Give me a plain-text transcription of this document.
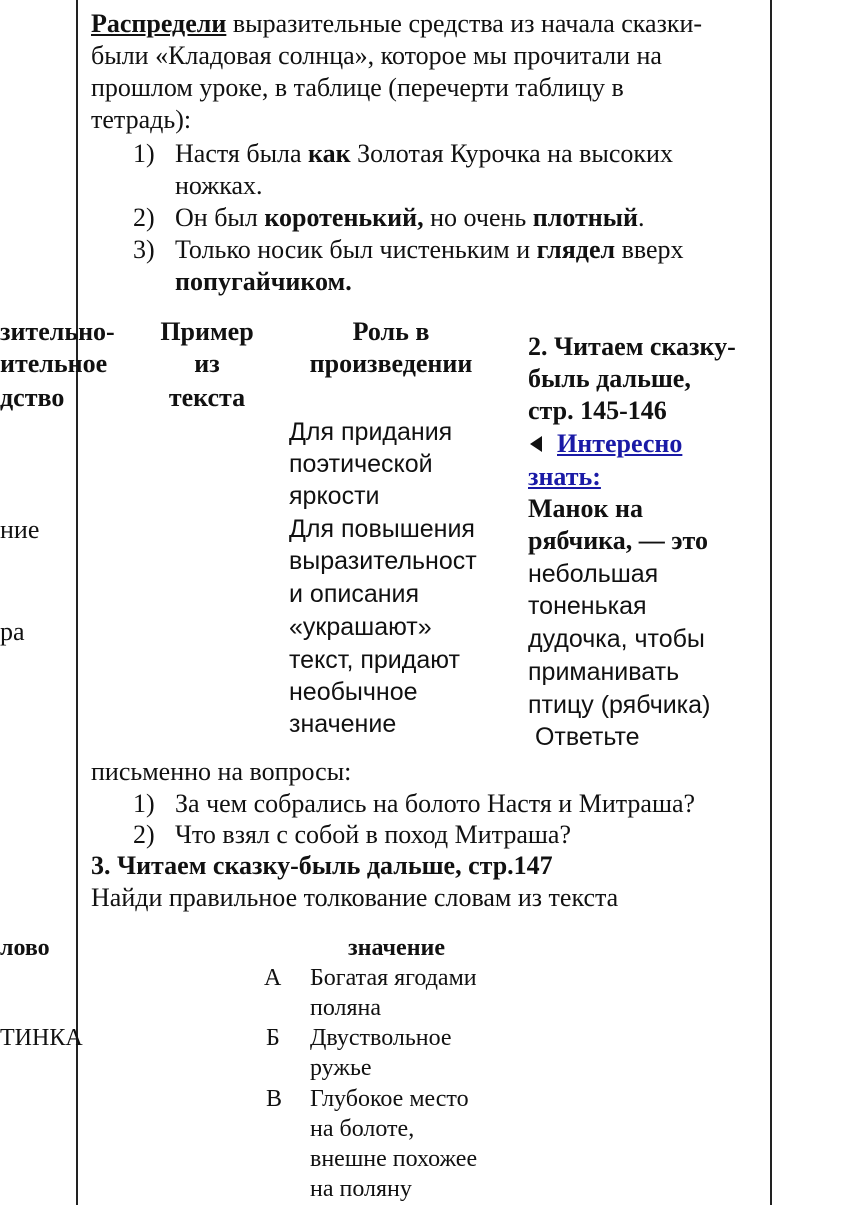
Распредели выразительные средства из начала сказки-
были «Кладовая солнца», которое мы прочитали на
прошлом уроке, в таблице (перечерти таблицу в
тетрадь):
1) Настя была как Золотая Курочка на высоких
ножках.
2) Он был коротенький, но очень плотный.
3) Только носик был чистеньким и глядел вверх
попугайчиком.
зительно-
ительное
дство
Пример
из
текста
Роль в
произведении
ние
ра
Для придания
поэтической
яркости
Для повышения
выразительност
и описания
«украшают»
текст, придают
необычное
значение
2. Читаем сказку-
быль дальше,
стр. 145-146
Интересно
знать:
Манок на
рябчика, — это
небольшая
тоненькая
дудочка, чтобы
приманивать
птицу (рябчика)
Ответьте
письменно на вопросы:
1) За чем собрались на болото Настя и Митраша?
2) Что взял с собой в поход Митраша?
3. Читаем сказку-быль дальше, стр.147
Найди правильное толкование словам из текста
лово	значение
ТИНКА
А Богатая ягодами
поляна
Б Двуствольное
ружье
В Глубокое место
на болоте,
внешне похожее
на поляну
